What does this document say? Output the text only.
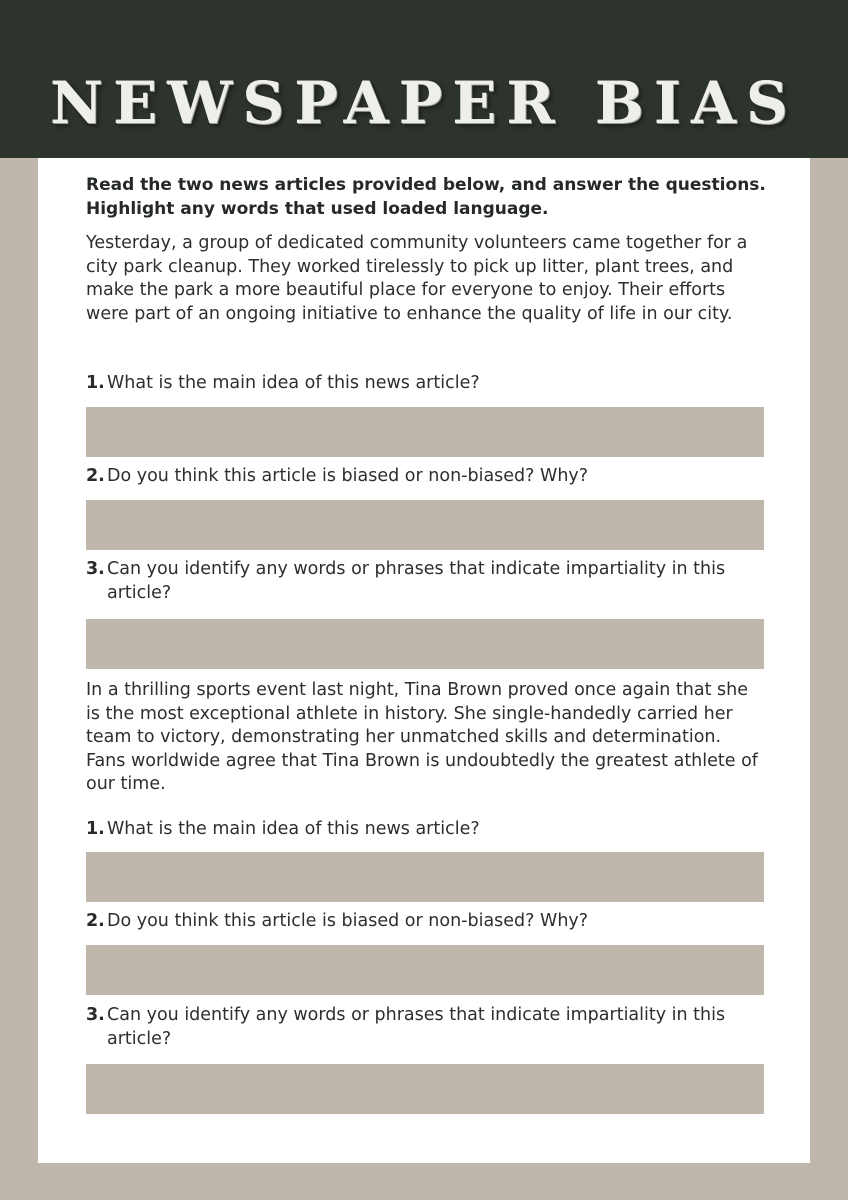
NEWSPAPER BIAS
Read the two news articles provided below, and answer the questions. Highlight any words that used loaded language.
Yesterday, a group of dedicated community volunteers came together for a city park cleanup. They worked tirelessly to pick up litter, plant trees, and make the park a more beautiful place for everyone to enjoy. Their efforts were part of an ongoing initiative to enhance the quality of life in our city.
1. What is the main idea of this news article?
2. Do you think this article is biased or non-biased? Why?
3. Can you identify any words or phrases that indicate impartiality in this article?
In a thrilling sports event last night, Tina Brown proved once again that she is the most exceptional athlete in history. She single-handedly carried her team to victory, demonstrating her unmatched skills and determination. Fans worldwide agree that Tina Brown is undoubtedly the greatest athlete of our time.
1. What is the main idea of this news article?
2. Do you think this article is biased or non-biased? Why?
3. Can you identify any words or phrases that indicate impartiality in this article?
